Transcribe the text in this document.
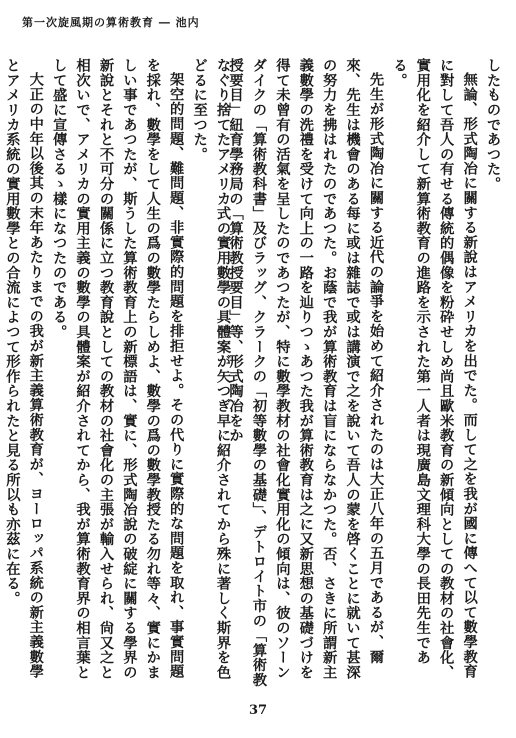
第一次旋風期の算術教育 ― 池内

したものであつた。

無論、形式陶冶に關する新說はアメリカを出でた。而して之を我が國に傳へて以て數學教育に對して吾人の有せる傳統的偶像を粉砕せしめ尚且歐米教育の新傾向としての教材の社會化、實用化を紹介して新算術教育の進路を示された第一人者は現廣島文理科大學の長田先生であ る。

先生が形式陶冶に關する近代の論爭を始めて紹介されたのは大正八年の五月であるが、爾來、先生は機會のある每に或は雜誌で或は講演で之を說いて吾人の蒙を啓くことに就いて甚深の努力を拂はれたのであつた。お蔭で我が算術教育は盲にならなかつた。否、さきに所謂新主義數學の洗禮を受けて向上の一路を辿りつゝあつた我が算術教育は之に又新思想の基礎づけを得て未曾有の活氣を呈したのであつたが、特に數學教材の社會化實用化の傾向は、彼のソーンダイクの「算術教科書」及びラッグ、クラークの「初等數學の基礎」、デトロイト市の「算術教授要目」紐育學務局の「算術教授要目」等、形式陶冶をか

なぐり捨てたアメリカ式の實用數學の具體案が矢つぎ早に紹介されてから殊に著しく斯界を色どるに至つた。

架空的問題、難問題、非實際的問題を排拒せよ。その代りに實際的な問題を取れ、事實問題を採れ、數學をして人生の爲の數學たらしめよ、數學の爲の數學教授たる勿れ等々、實にかましい事であつたが、斯うした算術教育上の新標語は、實に、形式陶冶說の破綻に關する學界の新說とそれと不可分の關係に立つ教育說としての教材の社會化の主張が輸入せられ、尙又之と相次いで、アメリカの實用主義の數學の具體案が紹介されてから、我が算術教育界の相言葉として盛に宣傳さるゝ樣になつたのである。

大正の中年以後其の末年あたりまでの我が新主義算術教育が、ヨーロッパ系統の新主義數學とアメリカ系統の實用數學との合流によつて形作られたと見る所以も亦茲に在る。

37
